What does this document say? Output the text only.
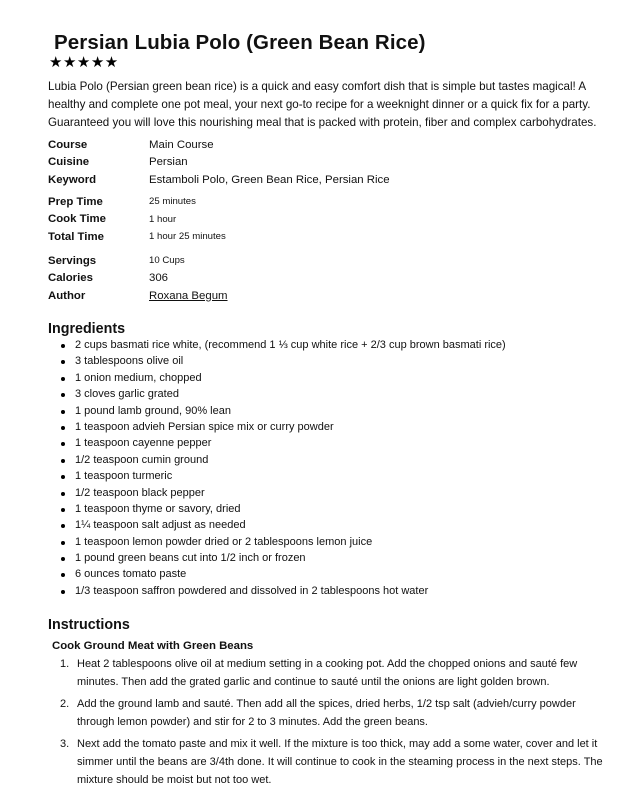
Persian Lubia Polo (Green Bean Rice)
★★★★★

Lubia Polo (Persian green bean rice) is a quick and easy comfort dish that is simple but tastes magical! A healthy and complete one pot meal, your next go-to recipe for a weeknight dinner or a quick fix for a party. Guaranteed you will love this nourishing meal that is packed with protein, fiber and complex carbohydrates.

Course	Main Course
Cuisine	Persian
Keyword	Estamboli Polo, Green Bean Rice, Persian Rice
Prep Time	25 minutes
Cook Time	1 hour
Total Time	1 hour 25 minutes
Servings	10 Cups
Calories	306
Author	Roxana Begum
Ingredients
2 cups basmati rice white, (recommend 1 ⅓ cup white rice + 2/3 cup brown basmati rice)
3 tablespoons olive oil
1 onion medium, chopped
3 cloves garlic grated
1 pound lamb ground, 90% lean
1 teaspoon advieh Persian spice mix or curry powder
1 teaspoon cayenne pepper
1/2 teaspoon cumin ground
1 teaspoon turmeric
1/2 teaspoon black pepper
1 teaspoon thyme or savory, dried
1¼ teaspoon salt adjust as needed
1 teaspoon lemon powder dried or 2 tablespoons lemon juice
1 pound green beans cut into 1/2 inch or frozen
6 ounces tomato paste
1/3 teaspoon saffron powdered and dissolved in 2 tablespoons hot water
Instructions
Cook Ground Meat with Green Beans
1. Heat 2 tablespoons olive oil at medium setting in a cooking pot. Add the chopped onions and sauté few minutes. Then add the grated garlic and continue to sauté until the onions are light golden brown.
2. Add the ground lamb and sauté. Then add all the spices, dried herbs, 1/2 tsp salt (advieh/curry powder through lemon powder) and stir for 2 to 3 minutes. Add the green beans.
3. Next add the tomato paste and mix it well. If the mixture is too thick, may add a some water, cover and let it simmer until the beans are 3/4th done. It will continue to cook in the steaming process in the next steps. The mixture should be moist but not too wet.
